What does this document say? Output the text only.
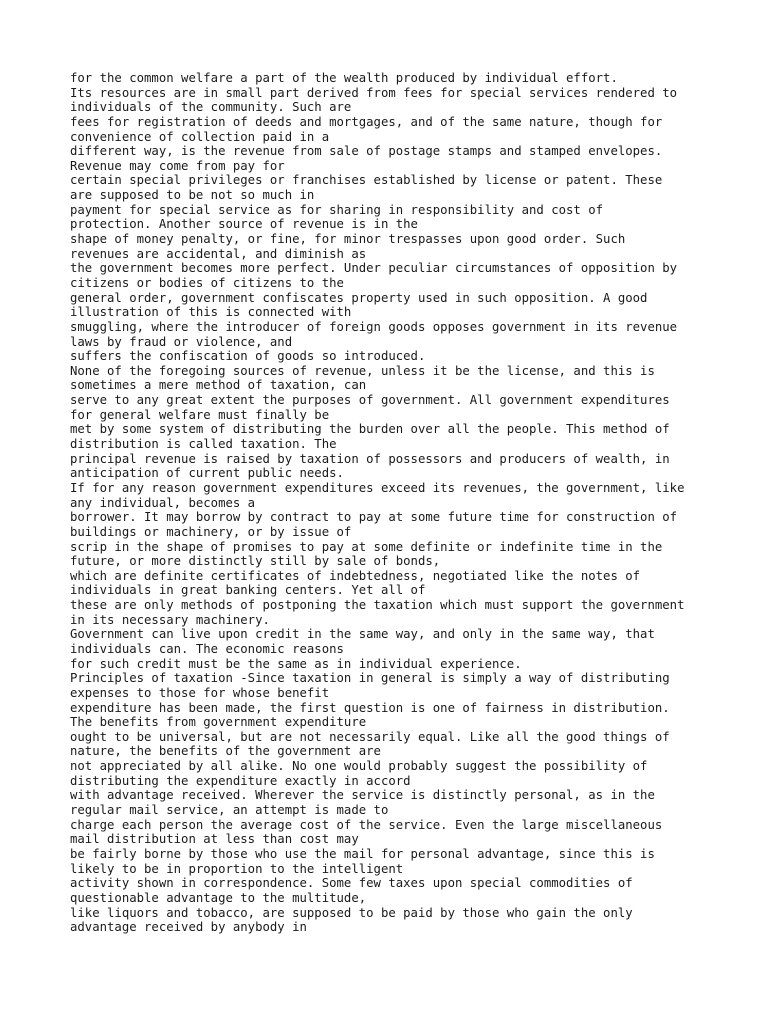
for the common welfare a part of the wealth produced by individual effort.
Its resources are in small part derived from fees for special services rendered to
individuals of the community. Such are
fees for registration of deeds and mortgages, and of the same nature, though for
convenience of collection paid in a
different way, is the revenue from sale of postage stamps and stamped envelopes.
Revenue may come from pay for
certain special privileges or franchises established by license or patent. These
are supposed to be not so much in
payment for special service as for sharing in responsibility and cost of
protection. Another source of revenue is in the
shape of money penalty, or fine, for minor trespasses upon good order. Such
revenues are accidental, and diminish as
the government becomes more perfect. Under peculiar circumstances of opposition by
citizens or bodies of citizens to the
general order, government confiscates property used in such opposition. A good
illustration of this is connected with
smuggling, where the introducer of foreign goods opposes government in its revenue
laws by fraud or violence, and
suffers the confiscation of goods so introduced.
None of the foregoing sources of revenue, unless it be the license, and this is
sometimes a mere method of taxation, can
serve to any great extent the purposes of government. All government expenditures
for general welfare must finally be
met by some system of distributing the burden over all the people. This method of
distribution is called taxation. The
principal revenue is raised by taxation of possessors and producers of wealth, in
anticipation of current public needs.
If for any reason government expenditures exceed its revenues, the government, like
any individual, becomes a
borrower. It may borrow by contract to pay at some future time for construction of
buildings or machinery, or by issue of
scrip in the shape of promises to pay at some definite or indefinite time in the
future, or more distinctly still by sale of bonds,
which are definite certificates of indebtedness, negotiated like the notes of
individuals in great banking centers. Yet all of
these are only methods of postponing the taxation which must support the government
in its necessary machinery.
Government can live upon credit in the same way, and only in the same way, that
individuals can. The economic reasons
for such credit must be the same as in individual experience.
Principles of taxation -Since taxation in general is simply a way of distributing
expenses to those for whose benefit
expenditure has been made, the first question is one of fairness in distribution.
The benefits from government expenditure
ought to be universal, but are not necessarily equal. Like all the good things of
nature, the benefits of the government are
not appreciated by all alike. No one would probably suggest the possibility of
distributing the expenditure exactly in accord
with advantage received. Wherever the service is distinctly personal, as in the
regular mail service, an attempt is made to
charge each person the average cost of the service. Even the large miscellaneous
mail distribution at less than cost may
be fairly borne by those who use the mail for personal advantage, since this is
likely to be in proportion to the intelligent
activity shown in correspondence. Some few taxes upon special commodities of
questionable advantage to the multitude,
like liquors and tobacco, are supposed to be paid by those who gain the only
advantage received by anybody in
